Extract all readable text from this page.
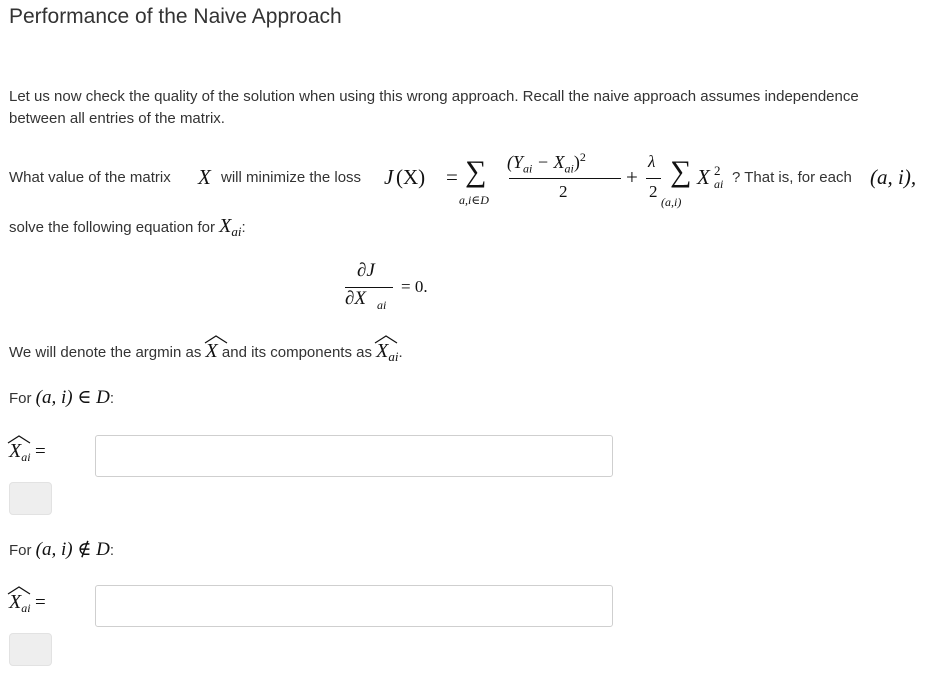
Performance of the Naive Approach
Let us now check the quality of the solution when using this wrong approach. Recall the naive approach assumes independence between all entries of the matrix.
What value of the matrix X will minimize the loss J (X) = ∑
a,i∈D
$(Y_{ai} - X_{ai})^2$
2
+
λ
2
∑
(a,i)
X 2
ai ? That is, for each (a, i),
solve the following equation for $X_{ai}$:
∂J
∂X ai
= 0.
We will denote the argmin as X and its components as $X_{ai}$.
For (a, i) ∈ D:
$X_{ai}$ =
For (a, i) ∉ D:
$X_{ai}$ =
